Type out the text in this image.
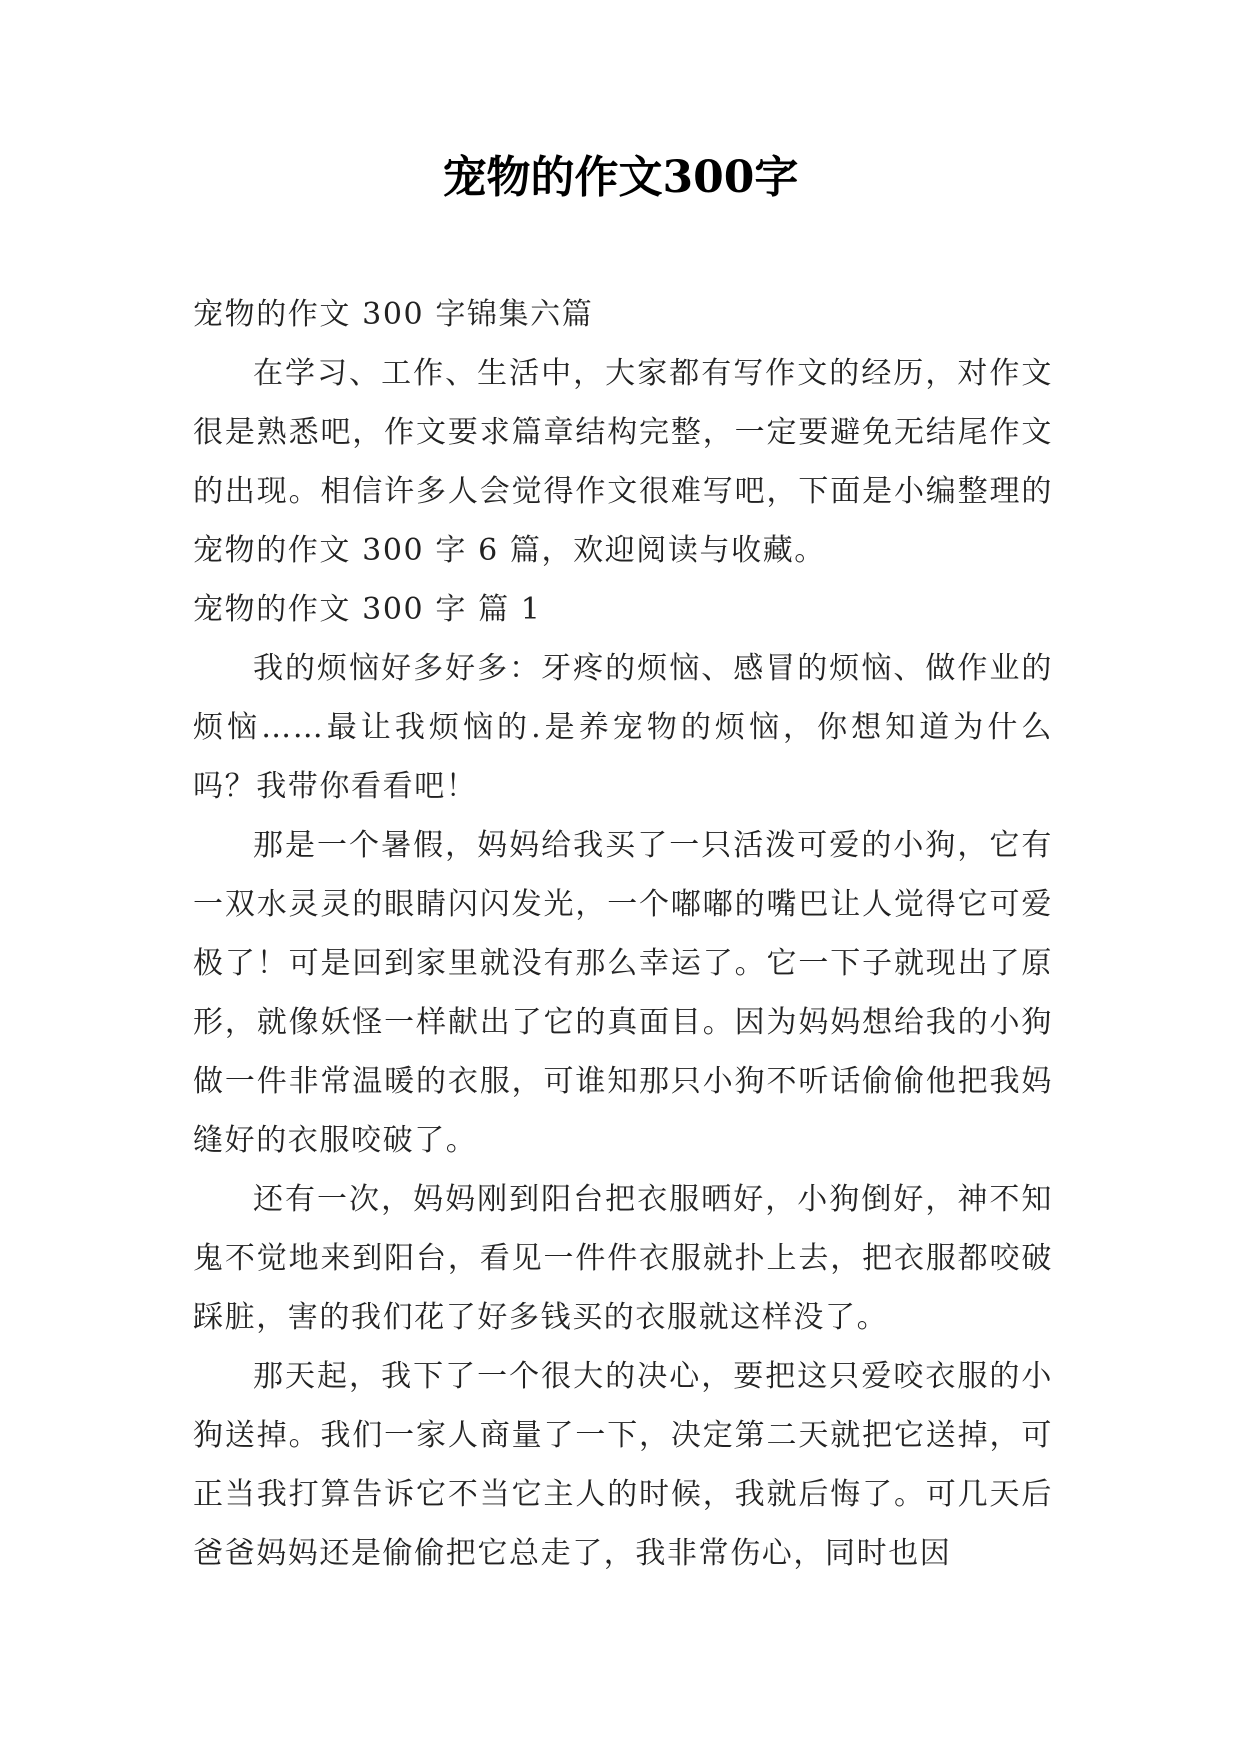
宠物的作文300字

宠物的作文 300 字锦集六篇

在学习、工作、生活中，大家都有写作文的经历，对作文很是熟悉吧，作文要求篇章结构完整，一定要避免无结尾作文的出现。相信许多人会觉得作文很难写吧，下面是小编整理的宠物的作文 300 字 6 篇，欢迎阅读与收藏。

宠物的作文 300 字 篇 1

我的烦恼好多好多：牙疼的烦恼、感冒的烦恼、做作业的烦恼……最让我烦恼的.是养宠物的烦恼，你想知道为什么吗？我带你看看吧！

那是一个暑假，妈妈给我买了一只活泼可爱的小狗，它有一双水灵灵的眼睛闪闪发光，一个嘟嘟的嘴巴让人觉得它可爱极了！可是回到家里就没有那么幸运了。它一下子就现出了原形，就像妖怪一样献出了它的真面目。因为妈妈想给我的小狗做一件非常温暖的衣服，可谁知那只小狗不听话偷偷他把我妈缝好的衣服咬破了。

还有一次，妈妈刚到阳台把衣服晒好，小狗倒好，神不知鬼不觉地来到阳台，看见一件件衣服就扑上去，把衣服都咬破踩脏，害的我们花了好多钱买的衣服就这样没了。

那天起，我下了一个很大的决心，要把这只爱咬衣服的小狗送掉。我们一家人商量了一下，决定第二天就把它送掉，可正当我打算告诉它不当它主人的时候，我就后悔了。可几天后爸爸妈妈还是偷偷把它总走了，我非常伤心，同时也因
